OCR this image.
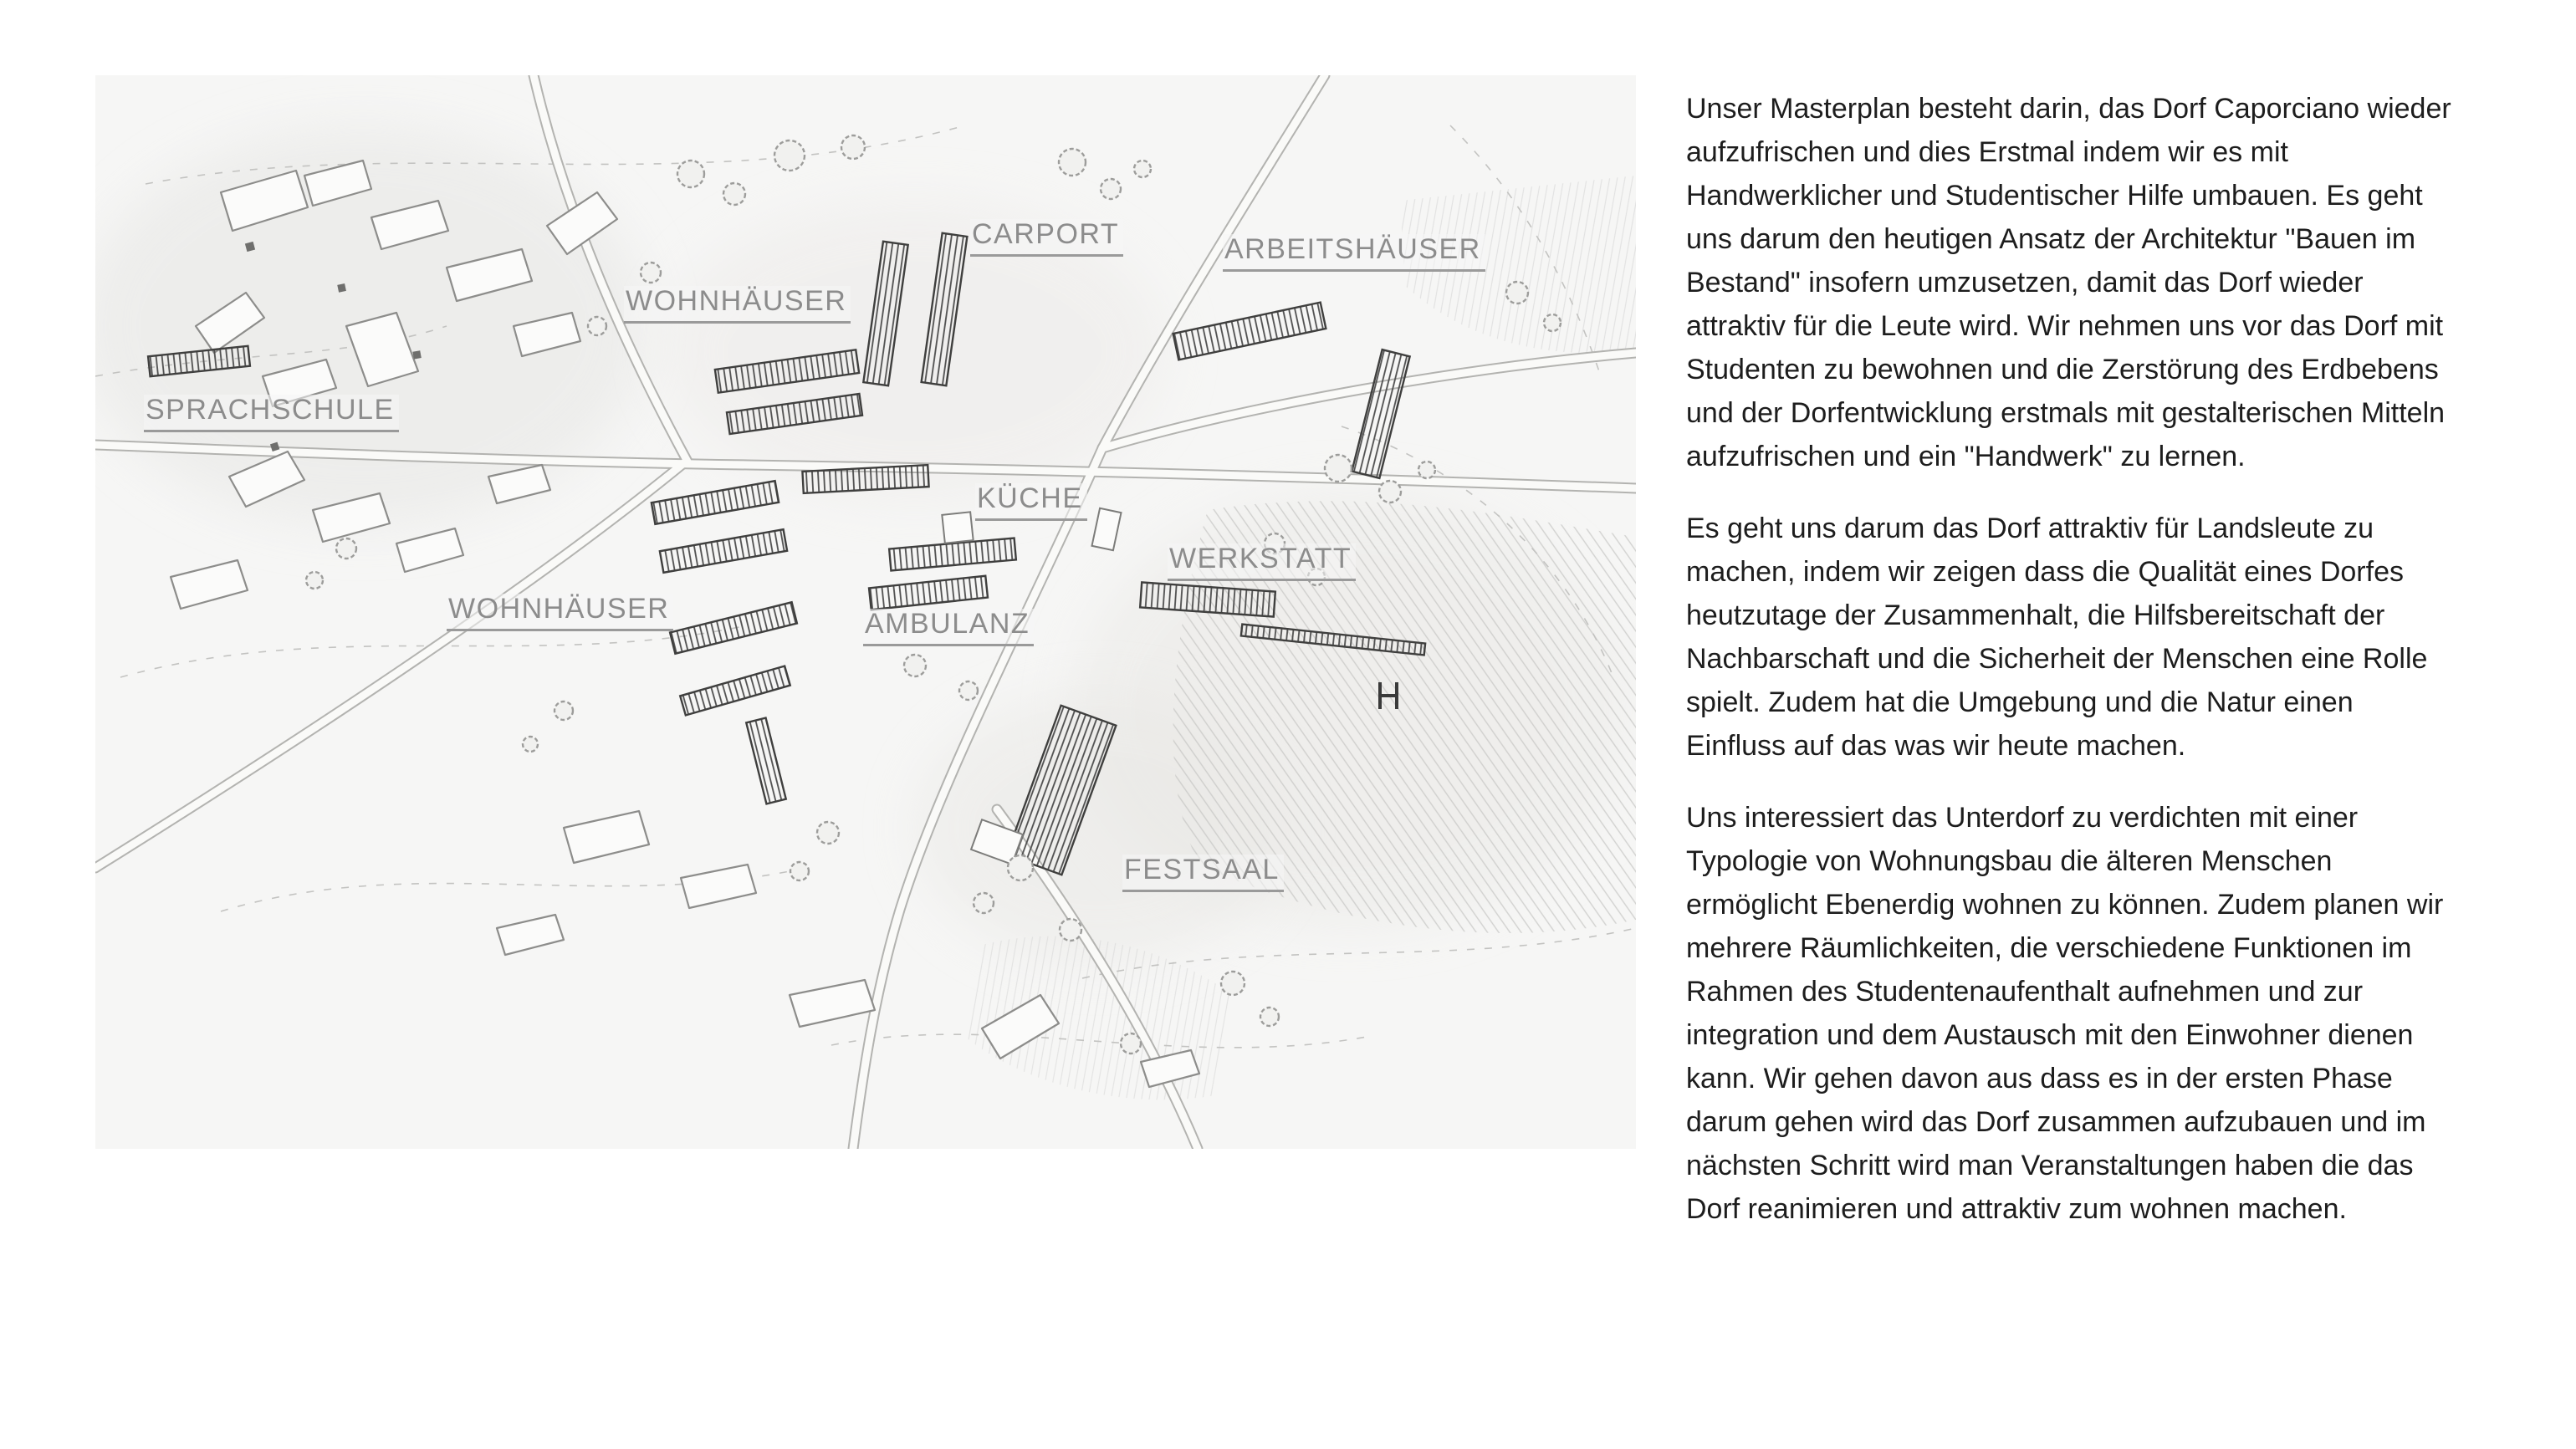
SPRACHSCHULE
WOHNHÄUSER
CARPORT	ARBEITSHÄUSER
KÜCHE
WERKSTATT
AMBULANZ
WOHNHÄUSER
FESTSAAL

Unser Masterplan besteht darin, das Dorf Caporciano wieder aufzufrischen und dies Erstmal indem wir es mit Handwerklicher und Studentischer Hilfe umbauen. Es geht uns darum den heutigen Ansatz der Architektur "Bauen im Bestand" insofern umzusetzen, damit das Dorf wieder attraktiv für die Leute wird. Wir nehmen uns vor das Dorf mit Studenten zu bewohnen und die Zerstörung des Erdbebens und der Dorfentwicklung erstmals mit gestalterischen Mitteln aufzufrischen und ein "Handwerk" zu lernen.

Es geht uns darum das Dorf attraktiv für Landsleute zu machen, indem wir zeigen dass die Qualität eines Dorfes heutzutage der Zusammenhalt, die Hilfsbereitschaft der Nachbarschaft und die Sicherheit der Menschen eine Rolle spielt. Zudem hat die Umgebung und die Natur einen Einfluss auf das was wir heute machen.

Uns interessiert das Unterdorf zu verdichten mit einer Typologie von Wohnungsbau die älteren Menschen ermöglicht Ebenerdig wohnen zu können. Zudem planen wir mehrere Räumlichkeiten, die verschiedene Funktionen im Rahmen des Studentenaufenthalt aufnehmen und zur integration und dem Austausch mit den Einwohner dienen kann. Wir gehen davon aus dass es in der ersten Phase darum gehen wird das Dorf zusammen aufzubauen und im nächsten Schritt wird man Veranstaltungen haben die das Dorf reanimieren und attraktiv zum wohnen machen.
